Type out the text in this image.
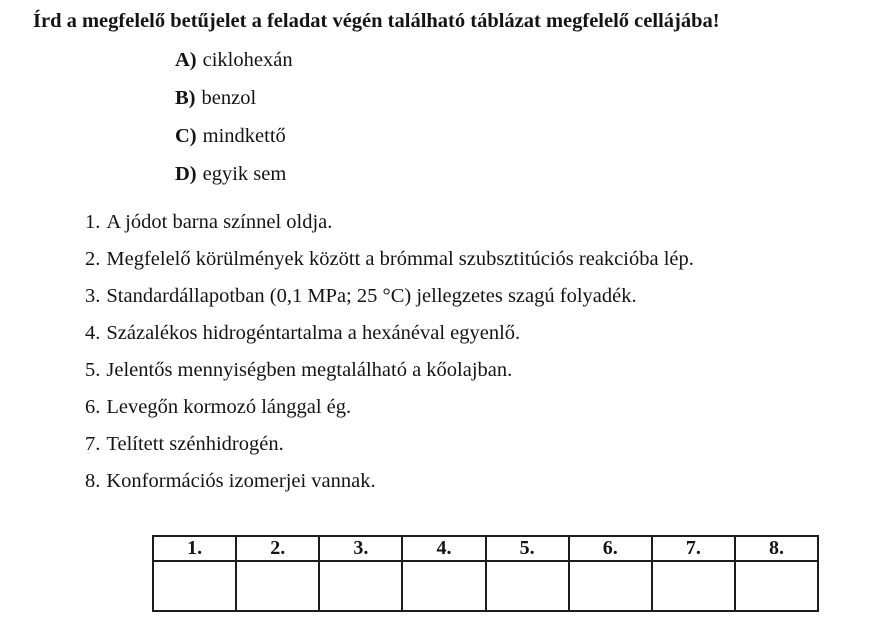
Írd a megfelelő betűjelet a feladat végén található táblázat megfelelő cellájába!
A) ciklohexán
B) benzol
C) mindkettő
D) egyik sem
1. A jódot barna színnel oldja.
2. Megfelelő körülmények között a brómmal szubsztitúciós reakcióba lép.
3. Standardállapotban (0,1 MPa; 25 °C) jellegzetes szagú folyadék.
4. Százalékos hidrogéntartalma a hexánéval egyenlő.
5. Jelentős mennyiségben megtalálható a kőolajban.
6. Levegőn kormozó lánggal ég.
7. Telített szénhidrogén.
8. Konformációs izomerjei vannak.
1.	2.	3.	4.	5.	6.	7.	8.
